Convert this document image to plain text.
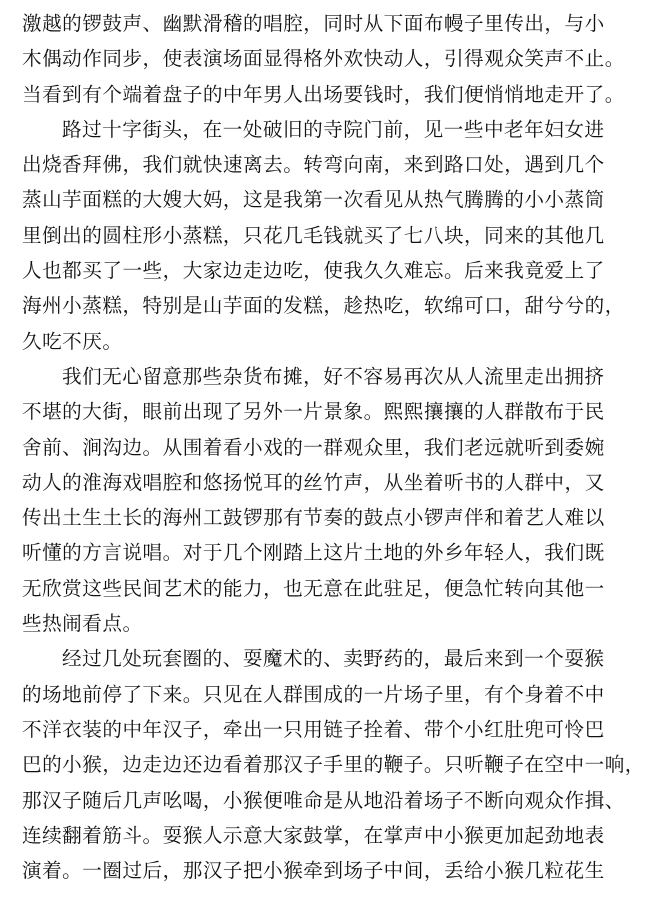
激越的锣鼓声、幽默滑稽的唱腔，同时从下面布幔子里传出，与小
木偶动作同步，使表演场面显得格外欢快动人，引得观众笑声不止。
当看到有个端着盘子的中年男人出场要钱时，我们便悄悄地走开了。
路过十字街头，在一处破旧的寺院门前，见一些中老年妇女进
出烧香拜佛，我们就快速离去。转弯向南，来到路口处，遇到几个
蒸山芋面糕的大嫂大妈，这是我第一次看见从热气腾腾的小小蒸筒
里倒出的圆柱形小蒸糕，只花几毛钱就买了七八块，同来的其他几
人也都买了一些，大家边走边吃，使我久久难忘。后来我竟爱上了
海州小蒸糕，特别是山芋面的发糕，趁热吃，软绵可口，甜兮兮的，
久吃不厌。
我们无心留意那些杂货布摊，好不容易再次从人流里走出拥挤
不堪的大街，眼前出现了另外一片景象。熙熙攘攘的人群散布于民
舍前、涧沟边。从围着看小戏的一群观众里，我们老远就听到委婉
动人的淮海戏唱腔和悠扬悦耳的丝竹声，从坐着听书的人群中，又
传出土生土长的海州工鼓锣那有节奏的鼓点小锣声伴和着艺人难以
听懂的方言说唱。对于几个刚踏上这片土地的外乡年轻人，我们既
无欣赏这些民间艺术的能力，也无意在此驻足，便急忙转向其他一
些热闹看点。
经过几处玩套圈的、耍魔术的、卖野药的，最后来到一个耍猴
的场地前停了下来。只见在人群围成的一片场子里，有个身着不中
不洋衣装的中年汉子，牵出一只用链子拴着、带个小红肚兜可怜巴
巴的小猴，边走边还边看着那汉子手里的鞭子。只听鞭子在空中一响，
那汉子随后几声吆喝，小猴便唯命是从地沿着场子不断向观众作揖、
连续翻着筋斗。耍猴人示意大家鼓掌，在掌声中小猴更加起劲地表
演着。一圈过后，那汉子把小猴牵到场子中间，丢给小猴几粒花生
